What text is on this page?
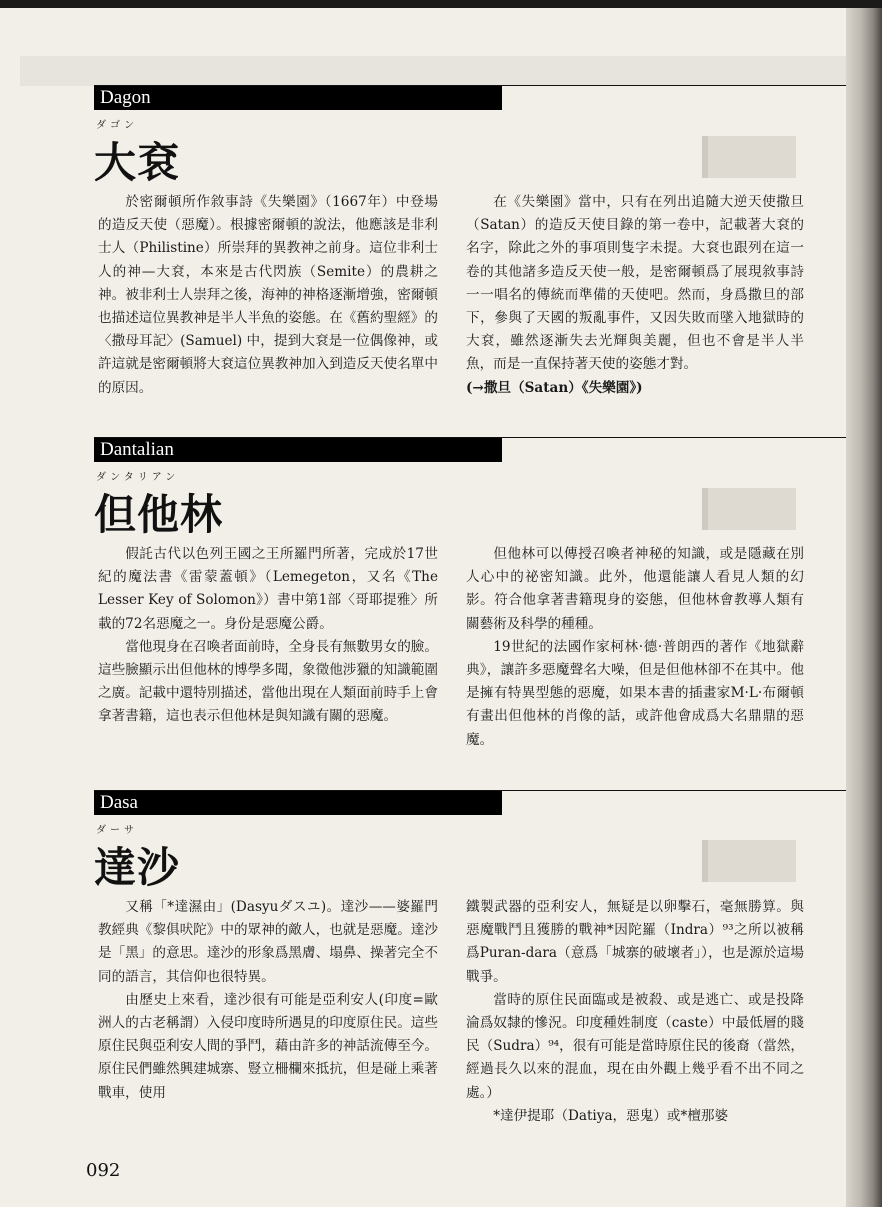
Dagon
ダゴン
大袞

於密爾頓所作敘事詩《失樂園》（1667年）中登場的造反天使（惡魔）。根據密爾頓的說法，他應該是非利士人（Philistine）所崇拜的異教神之前身。這位非利士人的神—大袞，本來是古代閃族（Semite）的農耕之神。被非利士人崇拜之後，海神的神格逐漸增強，密爾頓也描述這位異教神是半人半魚的姿態。在《舊約聖經》的〈撒母耳記〉(Samuel) 中，提到大袞是一位偶像神，或許這就是密爾頓將大袞這位異教神加入到造反天使名單中的原因。

在《失樂園》當中，只有在列出追隨大逆天使撒旦（Satan）的造反天使目錄的第一卷中，記載著大袞的名字，除此之外的事項則隻字未提。大袞也跟列在這一卷的其他諸多造反天使一般，是密爾頓爲了展現敘事詩一一唱名的傳統而準備的天使吧。然而，身爲撒旦的部下，參與了天國的叛亂事件，又因失敗而墜入地獄時的大袞，雖然逐漸失去光輝與美麗，但也不會是半人半魚，而是一直保持著天使的姿態才對。

(→撒旦（Satan）《失樂園》)

Dantalian
ダンタリアン
但他林

假託古代以色列王國之王所羅門所著，完成於17世紀的魔法書《雷蒙蓋頓》（Lemegeton，又名《The Lesser Key of Solomon》）書中第1部〈哥耶提雅〉所載的72名惡魔之一。身份是惡魔公爵。

當他現身在召喚者面前時，全身長有無數男女的臉。這些臉顯示出但他林的博學多聞，象徵他涉獵的知識範圍之廣。記載中還特別描述，當他出現在人類面前時手上會拿著書籍，這也表示但他林是與知識有關的惡魔。

但他林可以傳授召喚者神秘的知識，或是隱藏在別人心中的祕密知識。此外，他還能讓人看見人類的幻影。符合他拿著書籍現身的姿態，但他林會教導人類有關藝術及科學的種種。

19世紀的法國作家柯林·德·普朗西的著作《地獄辭典》，讓許多惡魔聲名大噪，但是但他林卻不在其中。他是擁有特異型態的惡魔，如果本書的插畫家M·L·布爾頓有畫出但他林的肖像的話，或許他會成爲大名鼎鼎的惡魔。

Dasa
ダーサ
達沙

又稱「*達濕由」(Dasyuダスユ)。達沙——婆羅門教經典《黎俱吠陀》中的眾神的敵人，也就是惡魔。達沙是「黑」的意思。達沙的形象爲黑膚、塌鼻、操著完全不同的語言，其信仰也很特異。

由歷史上來看，達沙很有可能是亞利安人(印度=歐洲人的古老稱謂）入侵印度時所遇見的印度原住民。這些原住民與亞利安人間的爭鬥，藉由許多的神話流傳至今。原住民們雖然興建城寨、豎立柵欄來抵抗，但是碰上乘著戰車，使用

鐵製武器的亞利安人，無疑是以卵擊石，毫無勝算。與惡魔戰鬥且獲勝的戰神*因陀羅（Indra）⁹³之所以被稱爲Puran-dara（意爲「城寨的破壞者」），也是源於這場戰爭。

當時的原住民面臨或是被殺、或是逃亡、或是投降淪爲奴隸的慘況。印度種姓制度（caste）中最低層的賤民（Sudra）⁹⁴，很有可能是當時原住民的後裔（當然，經過長久以來的混血，現在由外觀上幾乎看不出不同之處。）

*達伊提耶（Datiya，惡鬼）或*檀那婆

092
